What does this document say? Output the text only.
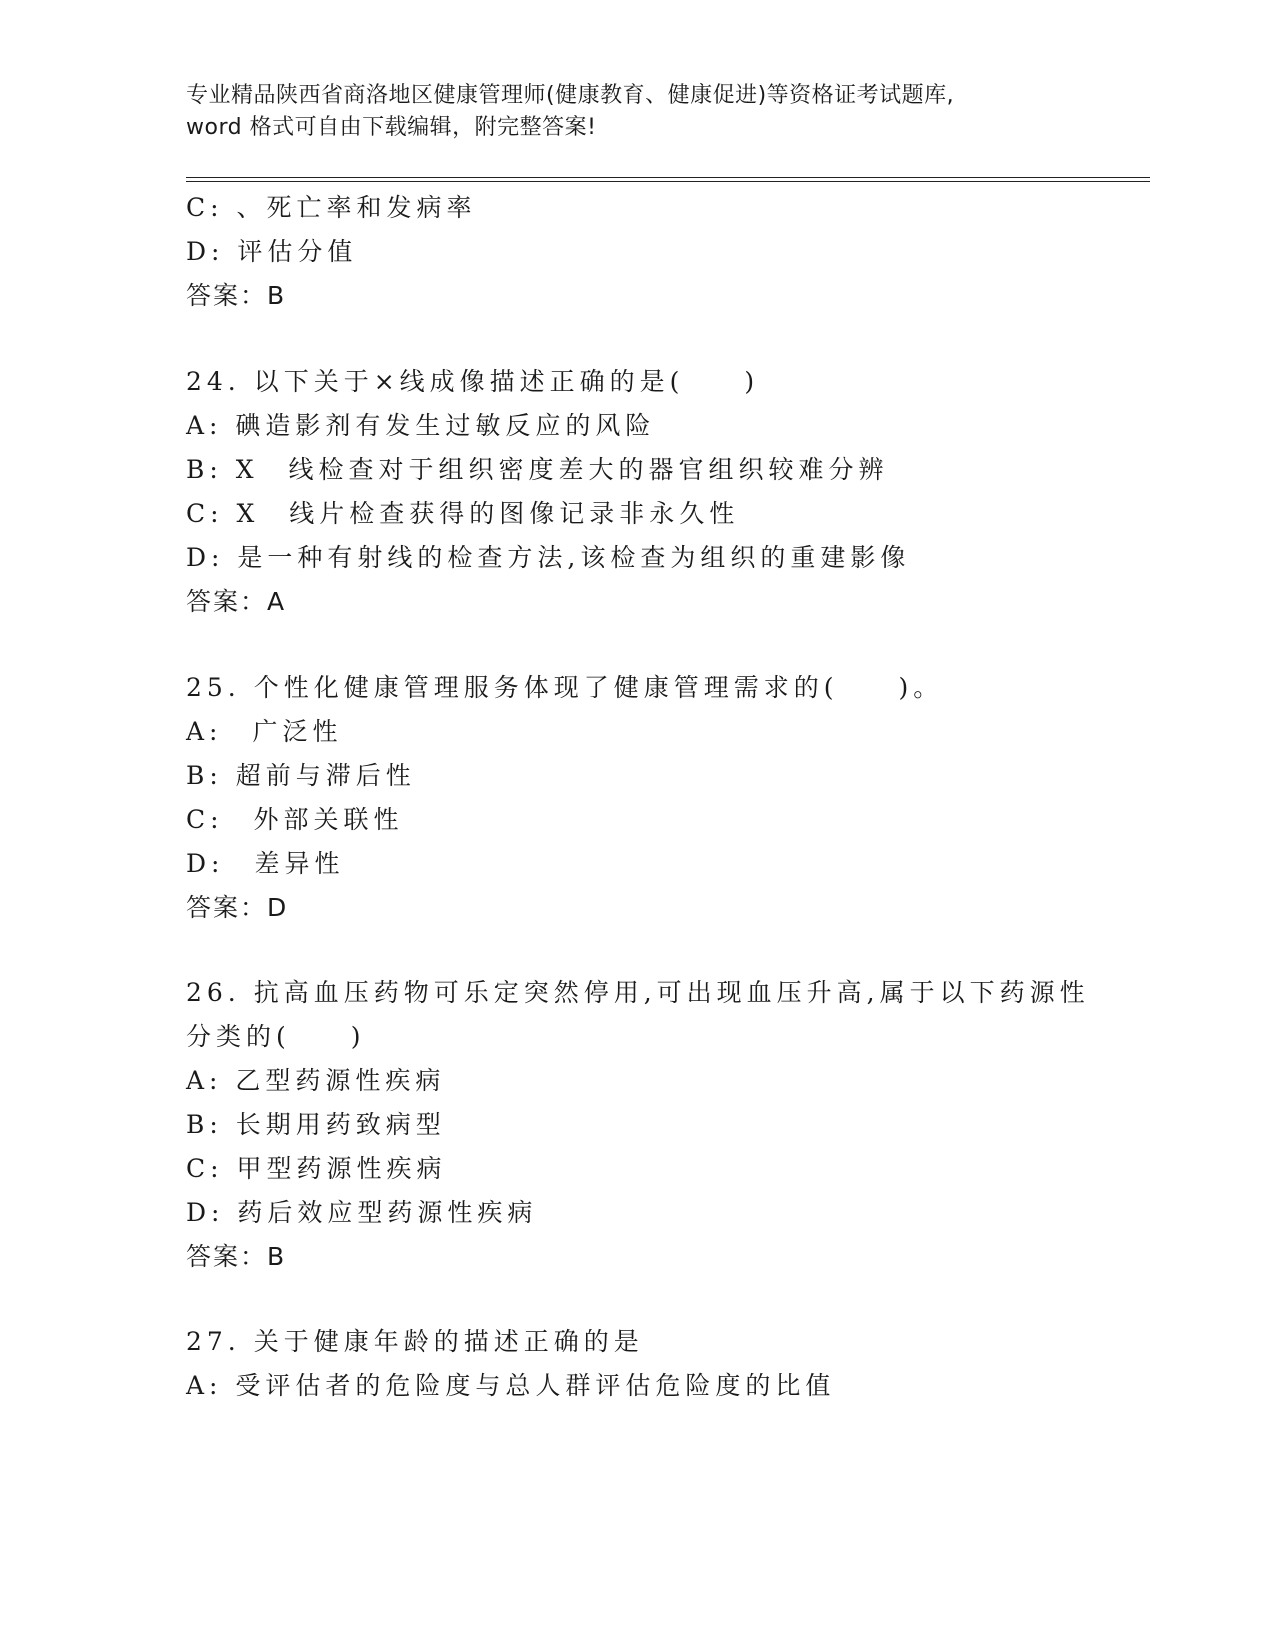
专业精品陕西省商洛地区健康管理师(健康教育、健康促进)等资格证考试题库,
word 格式可自由下载编辑，附完整答案!
C: 、死亡率和发病率
D: 评估分值
答案：B
24. 以下关于×线成像描述正确的是(　　)
A: 碘造影剂有发生过敏反应的风险
B: X　线检查对于组织密度差大的器官组织较难分辨
C: X　线片检查获得的图像记录非永久性
D: 是一种有射线的检查方法,该检查为组织的重建影像
答案：A
25. 个性化健康管理服务体现了健康管理需求的(　　)。
A:　广泛性
B: 超前与滞后性
C:　外部关联性
D:　差异性
答案：D
26. 抗高血压药物可乐定突然停用,可出现血压升高,属于以下药源性
分类的(　　)
A: 乙型药源性疾病
B: 长期用药致病型
C: 甲型药源性疾病
D: 药后效应型药源性疾病
答案：B
27. 关于健康年龄的描述正确的是
A: 受评估者的危险度与总人群评估危险度的比值
